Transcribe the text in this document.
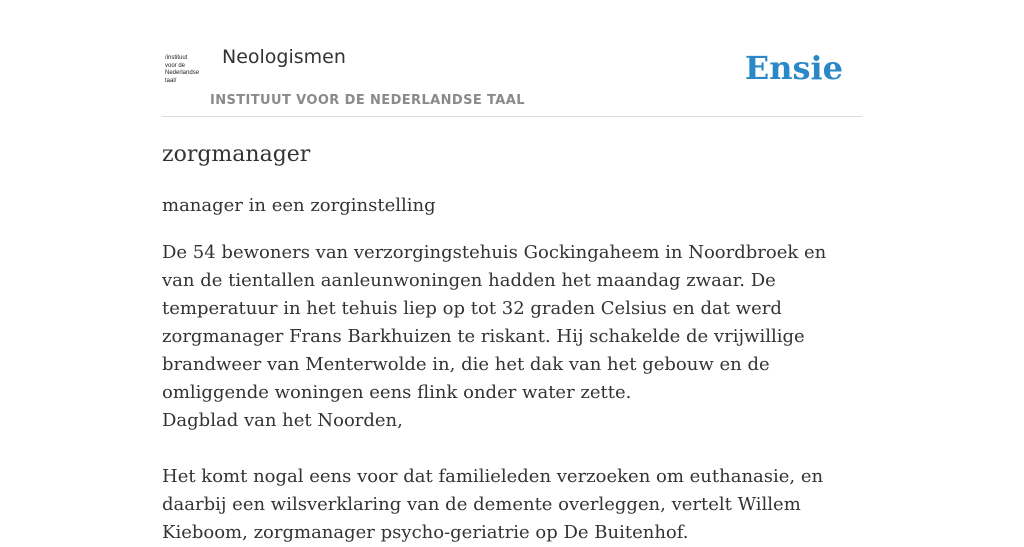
/instituut
voor de
Nederlandse
taal/
Neologismen
INSTITUUT VOOR DE NEDERLANDSE TAAL
Ensie
zorgmanager

manager in een zorginstelling

De 54 bewoners van verzorgingstehuis Gockingaheem in Noordbroek en van de tientallen aanleunwoningen hadden het maandag zwaar. De temperatuur in het tehuis liep op tot 32 graden Celsius en dat werd zorgmanager Frans Barkhuizen te riskant. Hij schakelde de vrijwillige brandweer van Menterwolde in, die het dak van het gebouw en de omliggende woningen eens flink onder water zette.
Dagblad van het Noorden,
Het komt nogal eens voor dat familieleden verzoeken om euthanasie, en daarbij een wilsverklaring van de demente overleggen, vertelt Willem Kieboom, zorgmanager psycho-geriatrie op De Buitenhof.
